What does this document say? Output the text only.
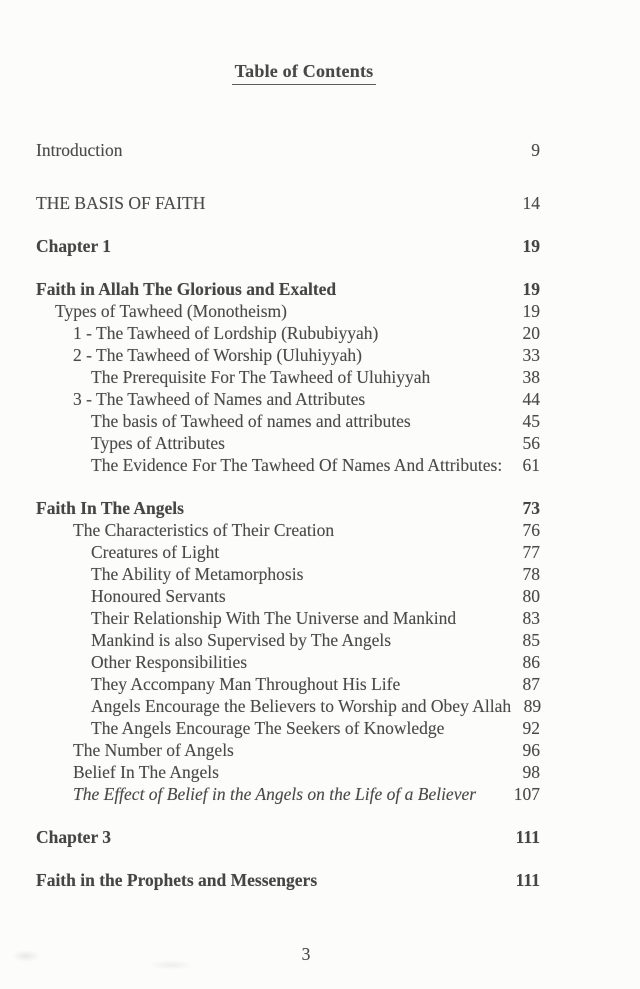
Table of Contents
Introduction	9
THE BASIS OF FAITH	14
Chapter 1	19
Faith in Allah The Glorious and Exalted	19
Types of Tawheed (Monotheism)	19
1 - The Tawheed of Lordship (Rububiyyah)	20
2 - The Tawheed of Worship (Uluhiyyah)	33
The Prerequisite For The Tawheed of Uluhiyyah	38
3 - The Tawheed of Names and Attributes	44
The basis of Tawheed of names and attributes	45
Types of Attributes	56
The Evidence For The Tawheed Of Names And Attributes:	61
Faith In The Angels	73
The Characteristics of Their Creation	76
Creatures of Light	77
The Ability of Metamorphosis	78
Honoured Servants	80
Their Relationship With The Universe and Mankind	83
Mankind is also Supervised by The Angels	85
Other Responsibilities	86
They Accompany Man Throughout His Life	87
Angels Encourage the Believers to Worship and Obey Allah 89
The Angels Encourage The Seekers of Knowledge	92
The Number of Angels	96
Belief In The Angels	98
The Effect of Belief in the Angels on the Life of a Believer 107
Chapter 3	111
Faith in the Prophets and Messengers	111
3
